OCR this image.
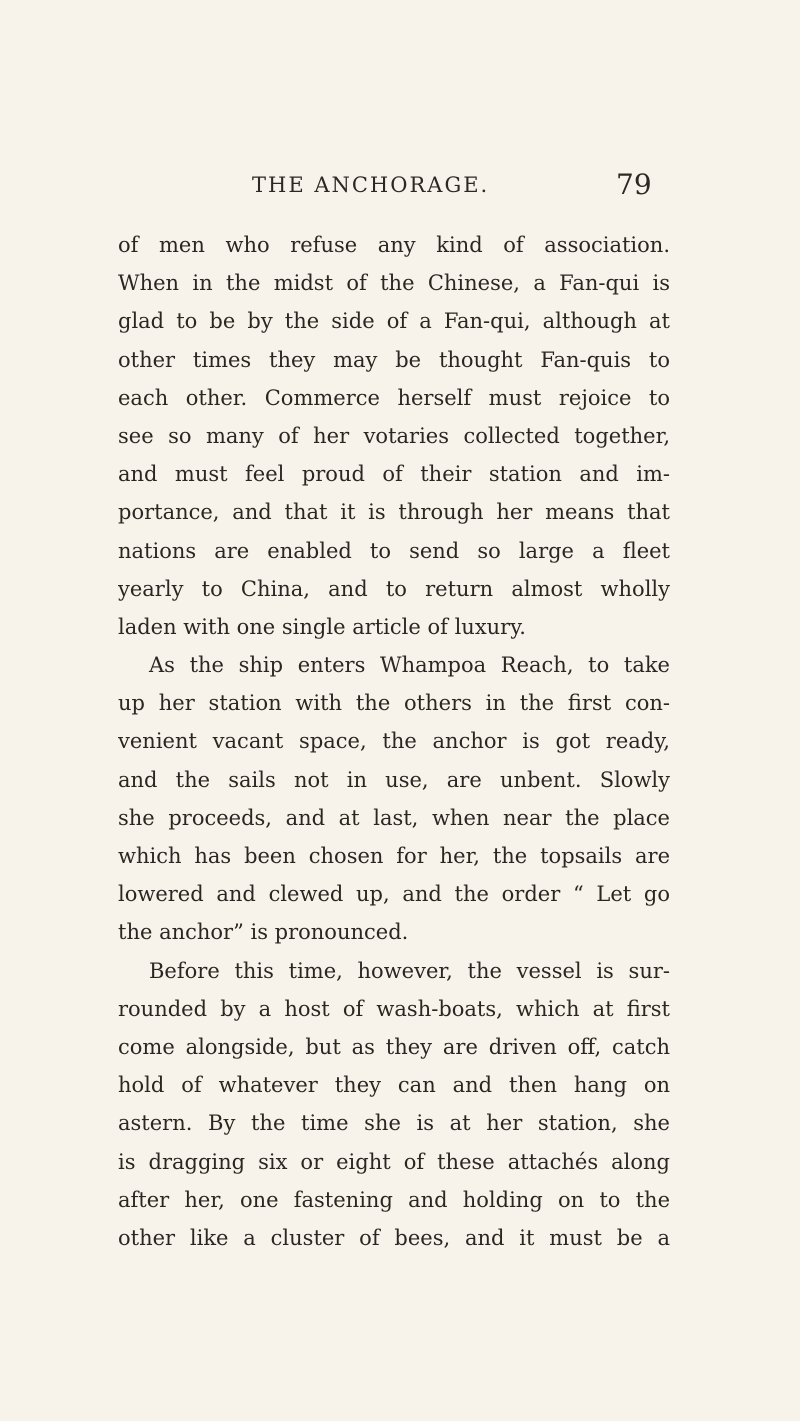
THE ANCHORAGE.	79
of men who refuse any kind of association.
When in the midst of the Chinese, a Fan-qui is
glad to be by the side of a Fan-qui, although at
other times they may be thought Fan-quis to
each other. Commerce herself must rejoice to
see so many of her votaries collected together,
and must feel proud of their station and im-
portance, and that it is through her means that
nations are enabled to send so large a fleet
yearly to China, and to return almost wholly
laden with one single article of luxury.
As the ship enters Whampoa Reach, to take
up her station with the others in the first con-
venient vacant space, the anchor is got ready,
and the sails not in use, are unbent. Slowly
she proceeds, and at last, when near the place
which has been chosen for her, the topsails are
lowered and clewed up, and the order “ Let go
the anchor” is pronounced.
Before this time, however, the vessel is sur-
rounded by a host of wash-boats, which at first
come alongside, but as they are driven off, catch
hold of whatever they can and then hang on
astern. By the time she is at her station, she
is dragging six or eight of these attachés along
after her, one fastening and holding on to the
other like a cluster of bees, and it must be a
